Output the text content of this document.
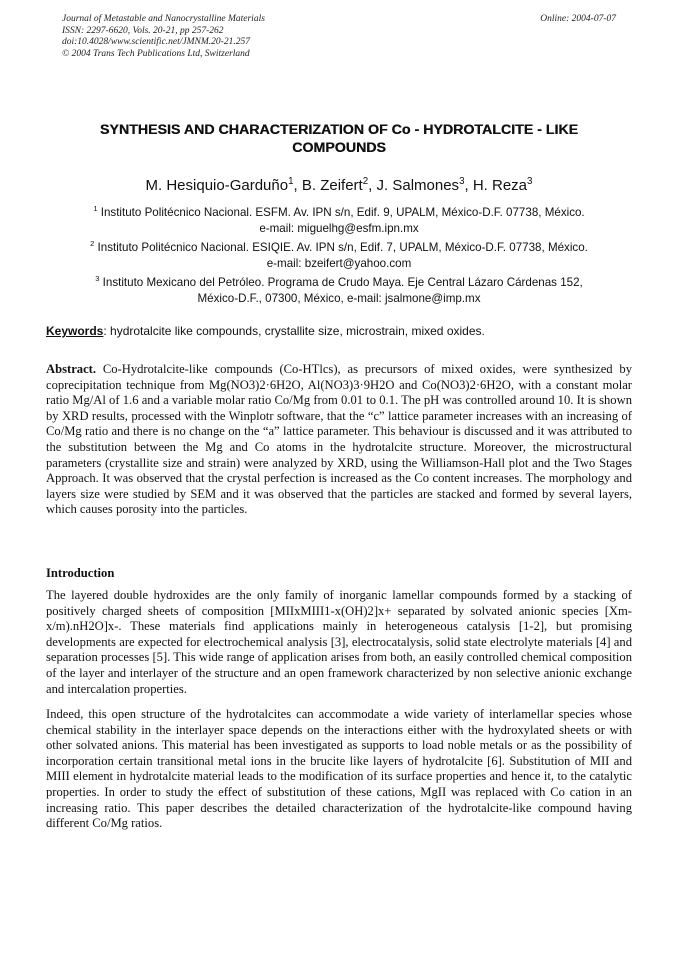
Journal of Metastable and Nanocrystalline Materials
ISSN: 2297-6620, Vols. 20-21, pp 257-262
doi:10.4028/www.scientific.net/JMNM.20-21.257
© 2004 Trans Tech Publications Ltd, Switzerland
Online: 2004-07-07
SYNTHESIS AND CHARACTERIZATION OF Co - HYDROTALCITE - LIKE
COMPOUNDS
M. Hesiquio-Garduño$^1$, B. Zeifert$^2$, J. Salmones$^3$, H. Reza$^3$
$^1$ Instituto Politécnico Nacional. ESFM. Av. IPN s/n, Edif. 9, UPALM, México-D.F. 07738, México.
e-mail: miguelhg@esfm.ipn.mx
$^2$ Instituto Politécnico Nacional. ESIQIE. Av. IPN s/n, Edif. 7, UPALM, México-D.F. 07738, México.
e-mail: bzeifert@yahoo.com
$^3$ Instituto Mexicano del Petróleo. Programa de Crudo Maya. Eje Central Lázaro Cárdenas 152,
México-D.F., 07300, México, e-mail: jsalmone@imp.mx
Keywords: hydrotalcite like compounds, crystallite size, microstrain, mixed oxides.
Abstract. Co-Hydrotalcite-like compounds (Co-HTlcs), as precursors of mixed oxides, were synthesized by coprecipitation technique from Mg(NO3)2·6H2O, Al(NO3)3·9H2O and Co(NO3)2·6H2O, with a constant molar ratio Mg/Al of 1.6 and a variable molar ratio Co/Mg from 0.01 to 0.1. The pH was controlled around 10. It is shown by XRD results, processed with the Winplotr software, that the “c” lattice parameter increases with an increasing of Co/Mg ratio and there is no change on the “a” lattice parameter. This behaviour is discussed and it was attributed to the substitution between the Mg and Co atoms in the hydrotalcite structure. Moreover, the microstructural parameters (crystallite size and strain) were analyzed by XRD, using the Williamson-Hall plot and the Two Stages Approach. It was observed that the crystal perfection is increased as the Co content increases. The morphology and layers size were studied by SEM and it was observed that the particles are stacked and formed by several layers, which causes porosity into the particles.
Introduction
The layered double hydroxides are the only family of inorganic lamellar compounds formed by a stacking of positively charged sheets of composition [MIIxMIII1-x(OH)2]x+ separated by solvated anionic species [Xm-x/m).nH2O]x-. These materials find applications mainly in heterogeneous catalysis [1-2], but promising developments are expected for electrochemical analysis [3], electrocatalysis, solid state electrolyte materials [4] and separation processes [5]. This wide range of application arises from both, an easily controlled chemical composition of the layer and interlayer of the structure and an open framework characterized by non selective anionic exchange and intercalation properties.
Indeed, this open structure of the hydrotalcites can accommodate a wide variety of interlamellar species whose chemical stability in the interlayer space depends on the interactions either with the hydroxylated sheets or with other solvated anions. This material has been investigated as supports to load noble metals or as the possibility of incorporation certain transitional metal ions in the brucite like layers of hydrotalcite [6]. Substitution of MII and MIII element in hydrotalcite material leads to the modification of its surface properties and hence it, to the catalytic properties. In order to study the effect of substitution of these cations, MgII was replaced with Co cation in an increasing ratio. This paper describes the detailed characterization of the hydrotalcite-like compound having different Co/Mg ratios.
